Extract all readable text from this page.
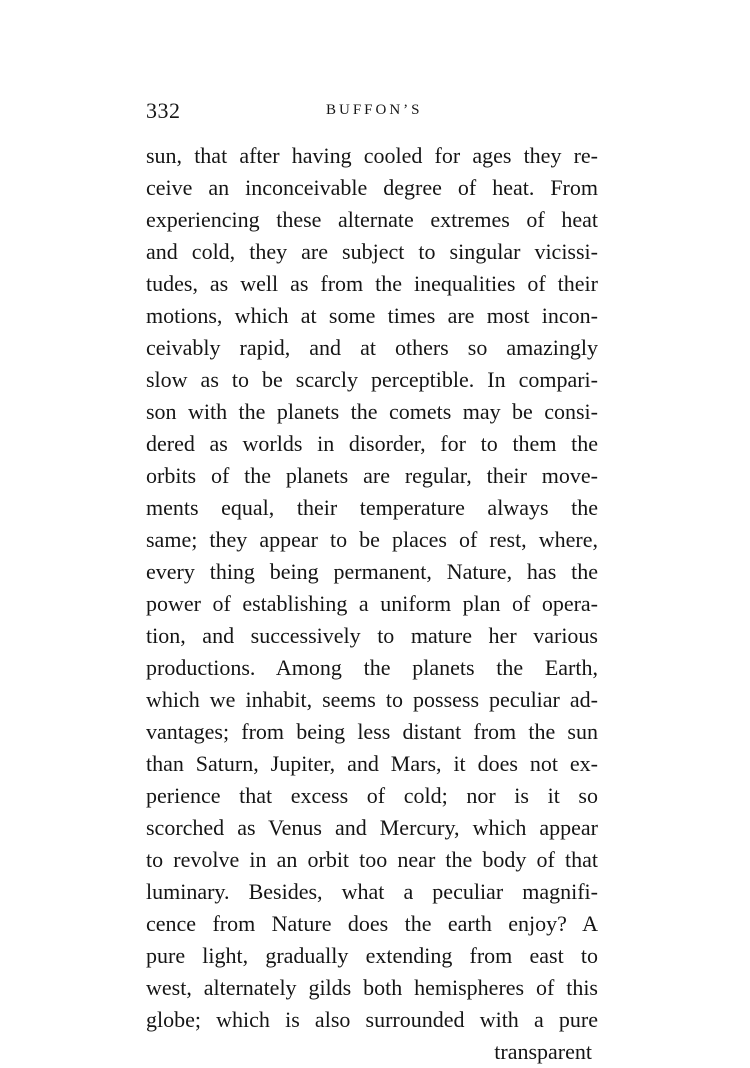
332	BUFFON’S
sun, that after having cooled for ages they re-
ceive an inconceivable degree of heat. From
experiencing these alternate extremes of heat
and cold, they are subject to singular vicissi-
tudes, as well as from the inequalities of their
motions, which at some times are most incon-
ceivably rapid, and at others so amazingly
slow as to be scarcly perceptible. In compari-
son with the planets the comets may be consi-
dered as worlds in disorder, for to them the
orbits of the planets are regular, their move-
ments equal, their temperature always the
same; they appear to be places of rest, where,
every thing being permanent, Nature, has the
power of establishing a uniform plan of opera-
tion, and successively to mature her various
productions. Among the planets the Earth,
which we inhabit, seems to possess peculiar ad-
vantages; from being less distant from the sun
than Saturn, Jupiter, and Mars, it does not ex-
perience that excess of cold; nor is it so
scorched as Venus and Mercury, which appear
to revolve in an orbit too near the body of that
luminary. Besides, what a peculiar magnifi-
cence from Nature does the earth enjoy? A
pure light, gradually extending from east to
west, alternately gilds both hemispheres of this
globe; which is also surrounded with a pure
transparent
